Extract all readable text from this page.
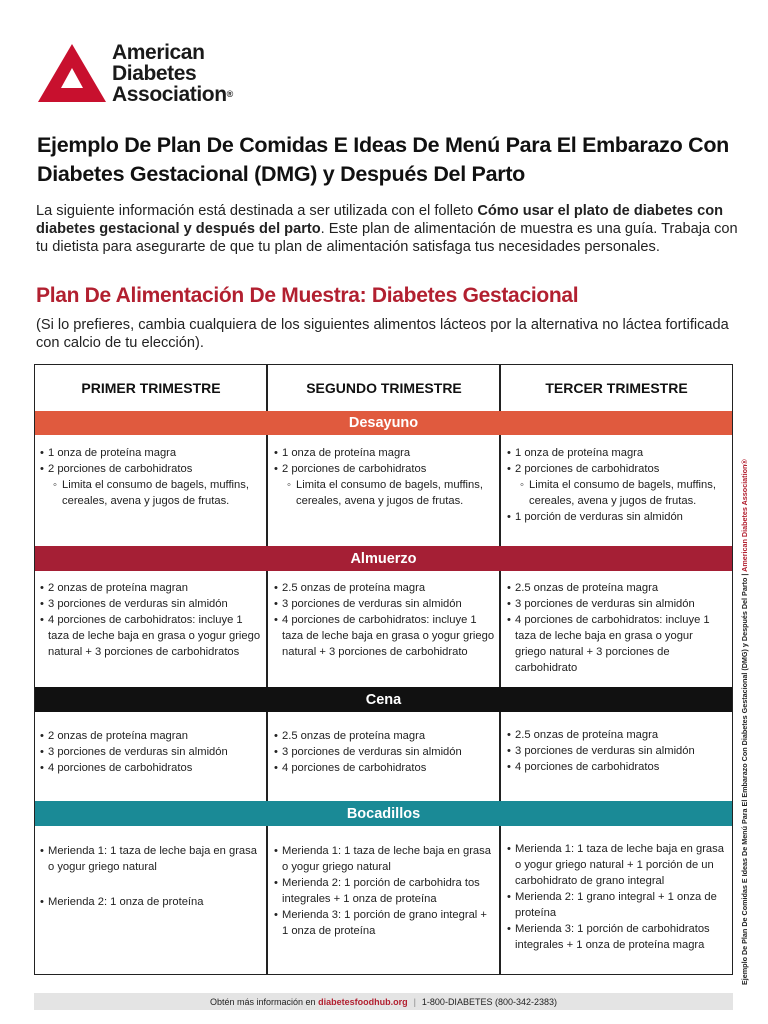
American
Diabetes
Association®
Ejemplo De Plan De Comidas E Ideas De Menú Para El Embarazo Con Diabetes Gestacional (DMG) y Después Del Parto
La siguiente información está destinada a ser utilizada con el folleto Cómo usar el plato de diabetes con diabetes gestacional y después del parto. Este plan de alimentación de muestra es una guía. Trabaja con tu dietista para asegurarte de que tu plan de alimentación satisfaga tus necesidades personales.
Plan De Alimentación De Muestra: Diabetes Gestacional
(Si lo prefieres, cambia cualquiera de los siguientes alimentos lácteos por la alternativa no láctea fortificada con calcio de tu elección).
PRIMER TRIMESTRE	SEGUNDO TRIMESTRE	TERCER TRIMESTRE
Desayuno
• 1 onza de proteína magra
• 2 porciones de carbohidratos
◦ Limita el consumo de bagels, muffins, cereales, avena y jugos de frutas.
• 1 onza de proteína magra
• 2 porciones de carbohidratos
◦ Limita el consumo de bagels, muffins, cereales, avena y jugos de frutas.
• 1 onza de proteína magra
• 2 porciones de carbohidratos
◦ Limita el consumo de bagels, muffins, cereales, avena y jugos de frutas.
• 1 porción de verduras sin almidón
Almuerzo
• 2 onzas de proteína magran
• 3 porciones de verduras sin almidón
• 4 porciones de carbohidratos: incluye 1 taza de leche baja en grasa o yogur griego natural + 3 porciones de carbohidratos
• 2.5 onzas de proteína magra
• 3 porciones de verduras sin almidón
• 4 porciones de carbohidratos: incluye 1 taza de leche baja en grasa o yogur griego natural + 3 porciones de carbohidrato
• 2.5 onzas de proteína magra
• 3 porciones de verduras sin almidón
• 4 porciones de carbohidratos: incluye 1 taza de leche baja en grasa o yogur griego natural + 3 porciones de carbohidrato
Cena
• 2 onzas de proteína magran
• 3 porciones de verduras sin almidón
• 4 porciones de carbohidratos
• 2.5 onzas de proteína magra
• 3 porciones de verduras sin almidón
• 4 porciones de carbohidratos
• 2.5 onzas de proteína magra
• 3 porciones de verduras sin almidón
• 4 porciones de carbohidratos
Bocadillos
• Merienda 1: 1 taza de leche baja en grasa o yogur griego natural
• Merienda 2: 1 onza de proteína
• Merienda 1: 1 taza de leche baja en grasa o yogur griego natural
• Merienda 2: 1 porción de carbohidra tos integrales + 1 onza de proteína
• Merienda 3: 1 porción de grano integral + 1 onza de proteína
• Merienda 1: 1 taza de leche baja en grasa o yogur griego natural + 1 porción de un carbohidrato de grano integral
• Merienda 2: 1 grano integral + 1 onza de proteína
• Merienda 3: 1 porción de carbohidratos integrales + 1 onza de proteína magra
Obtén más información en
diabetesfoodhub.org | 1-800-DIABETES (800-342-2383)
Ejemplo De Plan De Comidas E Ideas De Menú Para El Embarazo Con Diabetes Gestacional (DMG) y Después Del Parto | American Diabetes Association®
